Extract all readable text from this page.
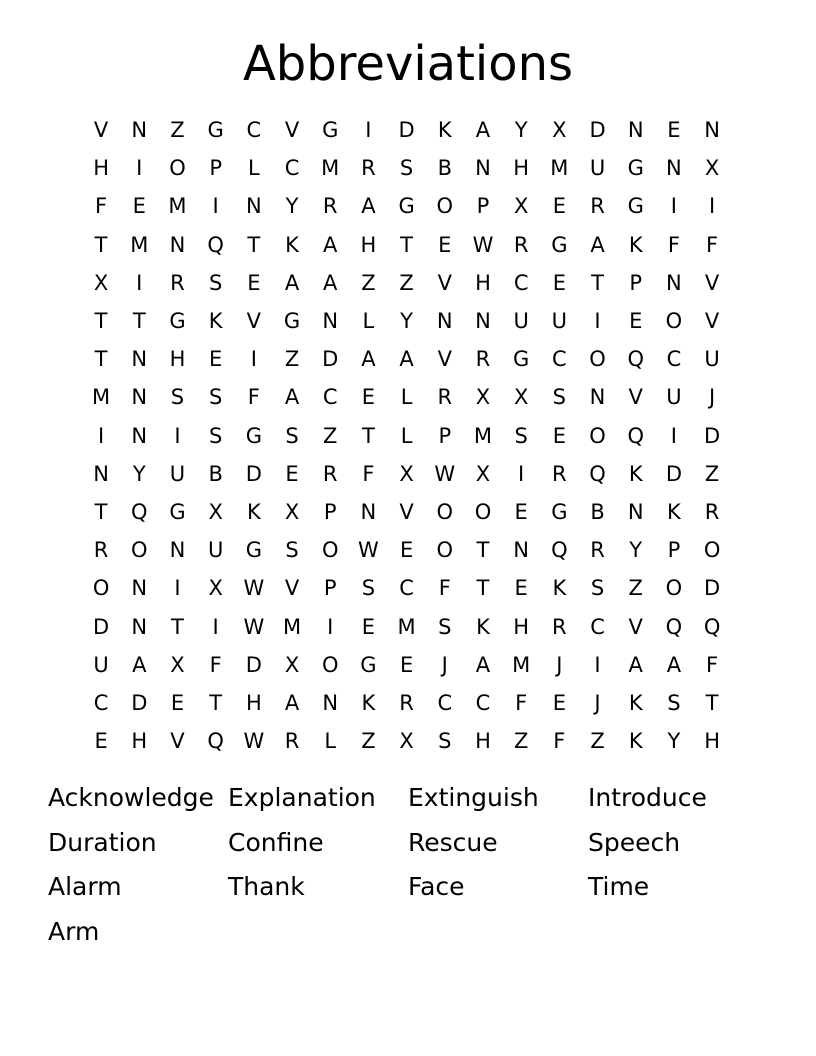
Abbreviations
V	N	Z	G	C	V	G	I	D	K	A	Y	X	D	N	E	N
H	I	O	P	L	C	M	R	S	B	N	H	M	U	G	N	X
F	E	M	I	N	Y	R	A	G	O	P	X	E	R	G	I	I
T	M	N	Q	T	K	A	H	T	E	W R	G	A	K	F	F
X	I	R	S	E	A	A	Z	Z	V	H	C	E	T	P	N	V
T	T	G	K	V	G	N	L	Y	N	N	U	U	I	E	O	V
T	N	H	E	I	Z	D	A	A	V	R	G	C	O	Q	C	U
M	N	S	S	F	A	C	E	L	R	X	X	S	N	V	U	J
I	N	I	S	G	S	Z	T	L	P	M	S	E	O	Q	I	D
N	Y	U	B	D	E	R	F	X W X	I	R	Q	K	D	Z
T	Q	G	X	K	X	P	N	V	O	O	E	G	B	N	K	R
R	O	N	U	G	S	O W	E	O	T	N	Q	R	Y	P	O
O	N	I	X W V	P	S	C	F	T	E	K	S	Z	O	D
D	N	T	I	W M	I	E	M	S	K	H	R	C	V	Q	Q
U	A	X	F	D	X	O	G	E	J	A	M	J	I	A	A	F
C	D	E	T	H	A	N	K	R	C	C	F	E	J	K	S	T
E	H	V	Q W R	L	Z	X	S	H	Z	F	Z	K	Y	H
Acknowledge Explanation	Extinguish	Introduce
Duration	Confine	Rescue	Speech
Alarm	Thank	Face	Time
Arm
